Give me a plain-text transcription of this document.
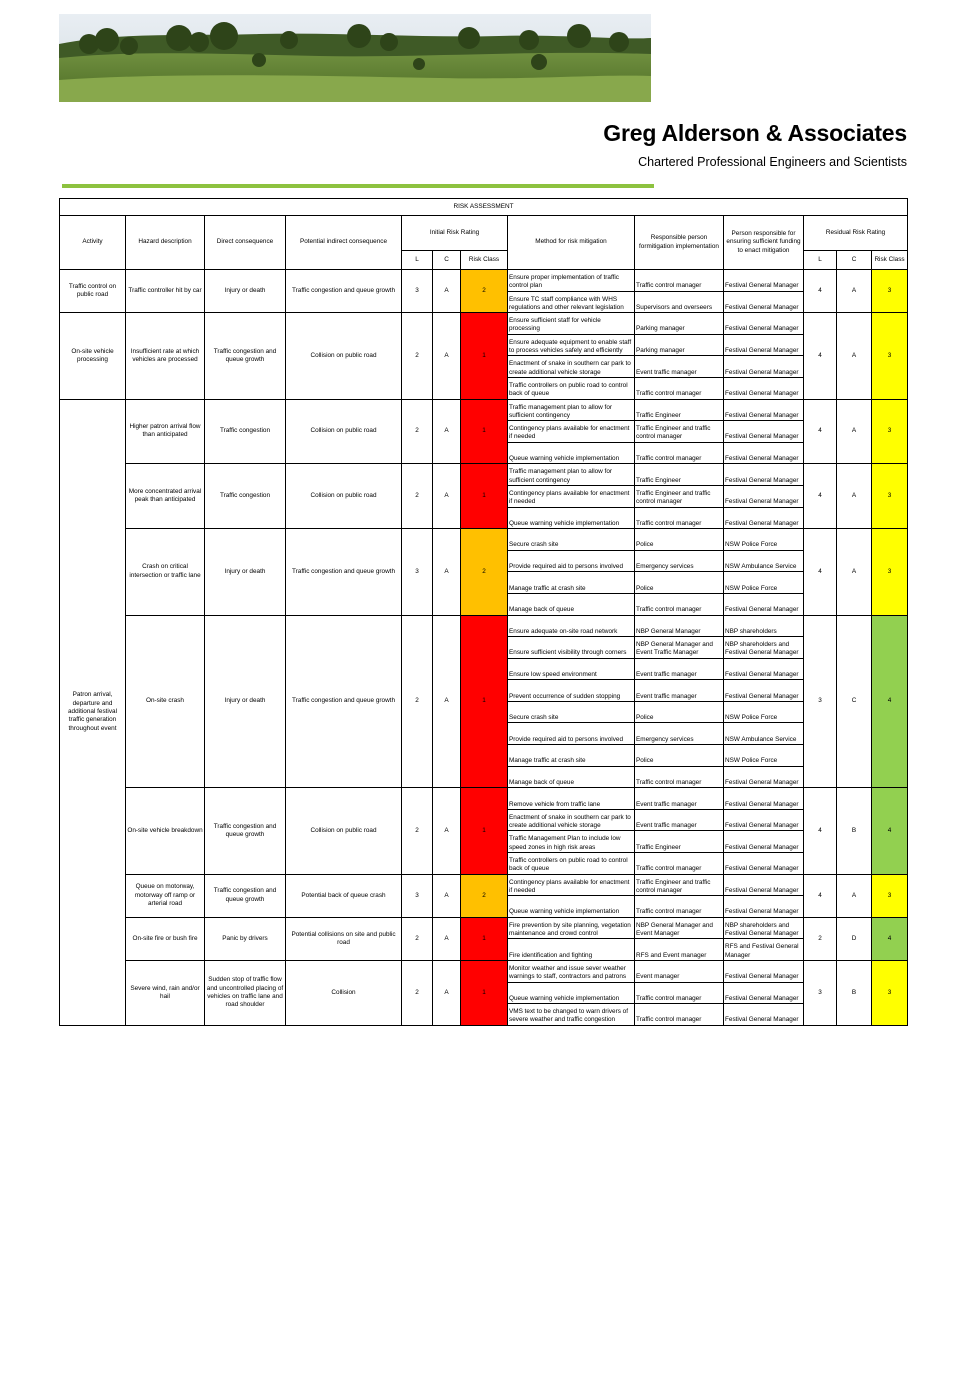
Greg Alderson & Associates
Chartered Professional Engineers and Scientists
RISK ASSESSMENT												
Activity	Hazard description	Direct consequence	Potential indirect consequence	Initial Risk Rating			Method for risk mitigation	Responsible person formitigation implementation	Person responsible for ensuring sufficient funding to enact mitigation	Residual Risk Rating		
				L	C	Risk Class				L	C	Risk Class
Traffic control on public road	Traffic controller hit by car	Injury or death	Traffic congestion and queue growth	3	A	2	Ensure proper implementation of traffic control plan	Traffic control manager	Festival General Manager	4	A	3
							Ensure TC staff compliance with WHS regulations and other relevant legislation	Supervisors and overseers	Festival General Manager			
On-site vehicle processing	Insufficient rate at which vehicles are processed	Traffic congestion and queue growth	Collision on public road	2	A	1	Ensure sufficient staff for vehicle processing	Parking manager	Festival General Manager	4	A	3
							Ensure adequate equipment to enable staff to process vehicles safely and efficiently	Parking manager	Festival General Manager			
							Enactment of snake in southern car park to create additional vehicle storage	Event traffic manager	Festival General Manager			
							Traffic controllers on public road to control back of queue	Traffic control manager	Festival General Manager			
Patron arrival, departure and additional festival traffic generation throughout event	Higher patron arrival flow than anticipated	Traffic congestion	Collision on public road	2	A	1	Traffic management plan to allow for sufficient contingency	Traffic Engineer	Festival General Manager	4	A	3
							Contingency plans available for enactment if needed	Traffic Engineer and traffic control manager	Festival General Manager			
							Queue warning vehicle implementation	Traffic control manager	Festival General Manager			
	More concentrated arrival peak than anticipated	Traffic congestion	Collision on public road	2	A	1	Traffic management plan to allow for sufficient contingency	Traffic Engineer	Festival General Manager	4	A	3
							Contingency plans available for enactment if needed	Traffic Engineer and traffic control manager	Festival General Manager			
							Queue warning vehicle implementation	Traffic control manager	Festival General Manager			
	Crash on critical intersection or traffic lane	Injury or death	Traffic congestion and queue growth	3	A	2	Secure crash site	Police	NSW Police Force	4	A	3
							Provide required aid to persons involved	Emergency services	NSW Ambulance Service			
							Manage traffic at crash site	Police	NSW Police Force			
							Manage back of queue	Traffic control manager	Festival General Manager			
	On-site crash	Injury or death	Traffic congestion and queue growth	2	A	1	Ensure adequate on-site road network	NBP General Manager	NBP shareholders	3	C	4
							Ensure sufficient visibility through corners	NBP General Manager and Event Traffic Manager	NBP shareholders and Festival General Manager			
							Ensure low speed environment	Event traffic manager	Festival General Manager			
							Prevent occurrence of sudden stopping	Event traffic manager	Festival General Manager			
							Secure crash site	Police	NSW Police Force			
							Provide required aid to persons involved	Emergency services	NSW Ambulance Service			
							Manage traffic at crash site	Police	NSW Police Force			
							Manage back of queue	Traffic control manager	Festival General Manager			
	On-site vehicle breakdown	Traffic congestion and queue growth	Collision on public road	2	A	1	Remove vehicle from traffic lane	Event traffic manager	Festival General Manager	4	B	4
							Enactment of snake in southern car park to create additional vehicle storage	Event traffic manager	Festival General Manager			
							Traffic Management Plan to include low speed zones in high risk areas	Traffic Engineer	Festival General Manager			
							Traffic controllers on public road to control back of queue	Traffic control manager	Festival General Manager			
	Queue on motorway, motorway off ramp or arterial road	Traffic congestion and queue growth	Potential back of queue crash	3	A	2	Contingency plans available for enactment if needed	Traffic Engineer and traffic control manager	Festival General Manager	4	A	3
							Queue warning vehicle implementation	Traffic control manager	Festival General Manager			
	On-site fire or bush fire	Panic by drivers	Potential collisions on site and public road	2	A	1	Fire prevention by site planning, vegetation maintenance and crowd control	NBP General Manager and Event Manager	NBP shareholders and Festival General Manager	2	D	4
							Fire identification and fighting	RFS and Event manager	RFS and Festival General Manager			
	Severe wind, rain and/or hail	Sudden stop of traffic flow and uncontrolled placing of vehicles on traffic lane and road shoulder	Collision	2	A	1	Monitor weather and issue sever weather warnings to staff, contractors and patrons	Event manager	Festival General Manager	3	B	3
							Queue warning vehicle implementation	Traffic control manager	Festival General Manager			
							VMS text to be changed to warn drivers of severe weather and traffic congestion	Traffic control manager	Festival General Manager			
